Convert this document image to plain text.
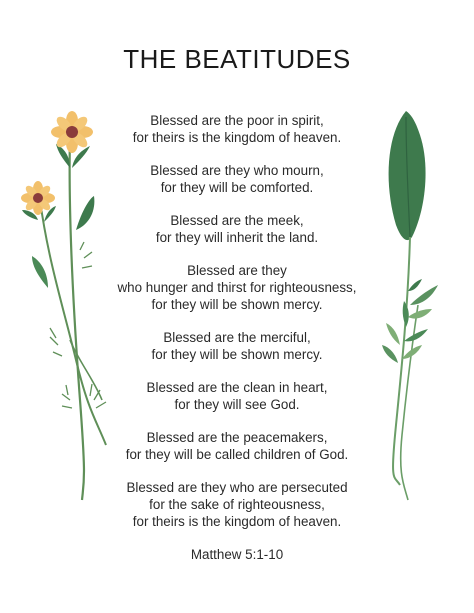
THE BEATITUDES
Blessed are the poor in spirit,
for theirs is the kingdom of heaven.
Blessed are they who mourn,
for they will be comforted.
Blessed are the meek,
for they will inherit the land.
Blessed are they
who hunger and thirst for righteousness,
for they will be shown mercy.
Blessed are the merciful,
for they will be shown mercy.
Blessed are the clean in heart,
for they will see God.
Blessed are the peacemakers,
for they will be called children of God.
Blessed are they who are persecuted
for the sake of righteousness,
for theirs is the kingdom of heaven.
Matthew 5:1-10
